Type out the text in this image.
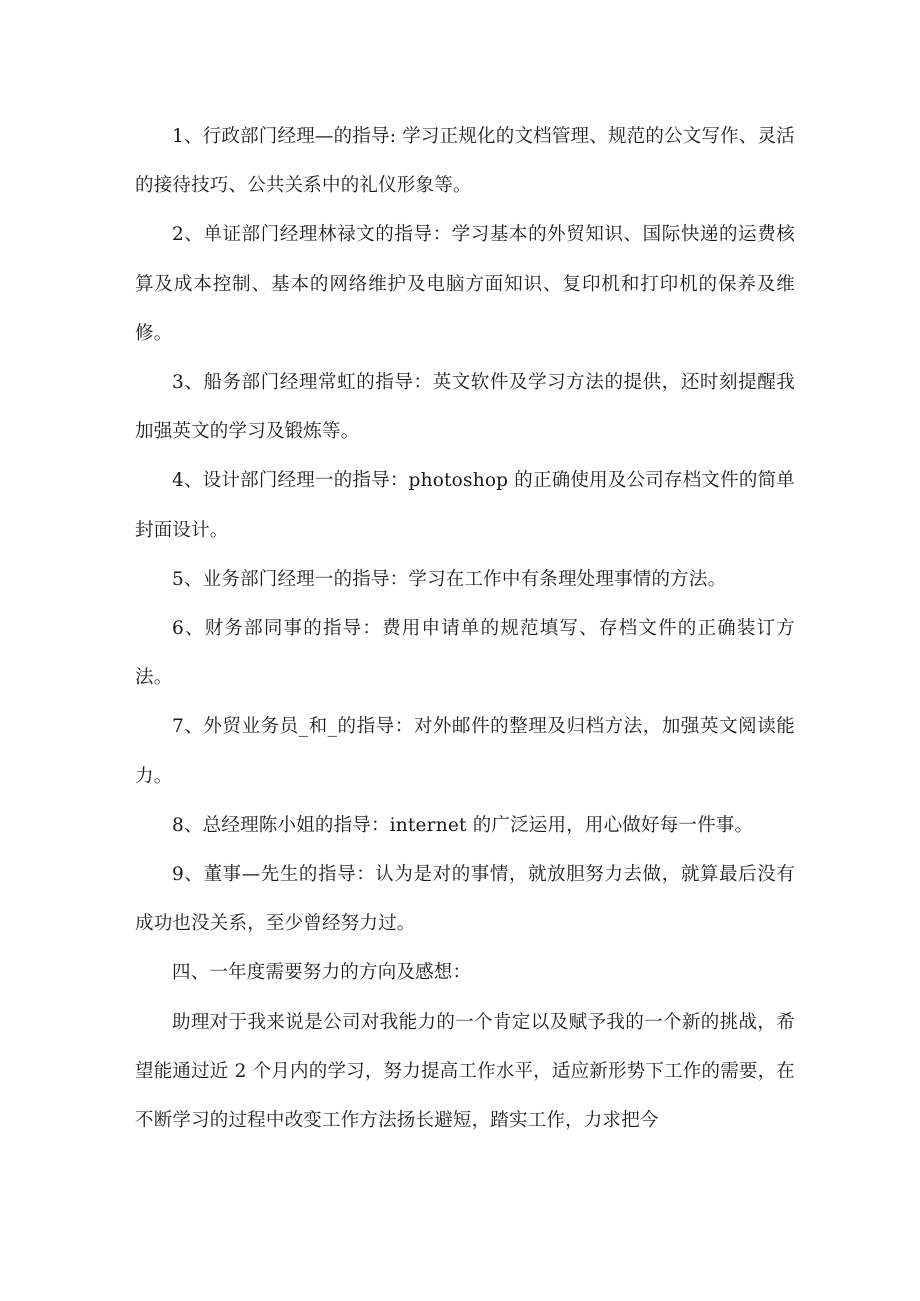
1、行政部门经理—的指导: 学习正规化的文档管理、规范的公文写作、灵活的接待技巧、公共关系中的礼仪形象等。

2、单证部门经理林禄文的指导：学习基本的外贸知识、国际快递的运费核算及成本控制、基本的网络维护及电脑方面知识、复印机和打印机的保养及维修。

3、船务部门经理常虹的指导：英文软件及学习方法的提供，还时刻提醒我加强英文的学习及锻炼等。

4、设计部门经理一的指导：photoshop 的正确使用及公司存档文件的简单封面设计。

5、业务部门经理一的指导：学习在工作中有条理处理事情的方法。

6、财务部同事的指导：费用申请单的规范填写、存档文件的正确装订方法。

7、外贸业务员_和_的指导：对外邮件的整理及归档方法，加强英文阅读能力。

8、总经理陈小姐的指导：internet 的广泛运用，用心做好每一件事。

9、董事—先生的指导：认为是对的事情，就放胆努力去做，就算最后没有成功也没关系，至少曾经努力过。

四、一年度需要努力的方向及感想：

助理对于我来说是公司对我能力的一个肯定以及赋予我的一个新的挑战，希望能通过近 2 个月内的学习，努力提高工作水平，适应新形势下工作的需要，在不断学习的过程中改变工作方法扬长避短，踏实工作，力求把今
